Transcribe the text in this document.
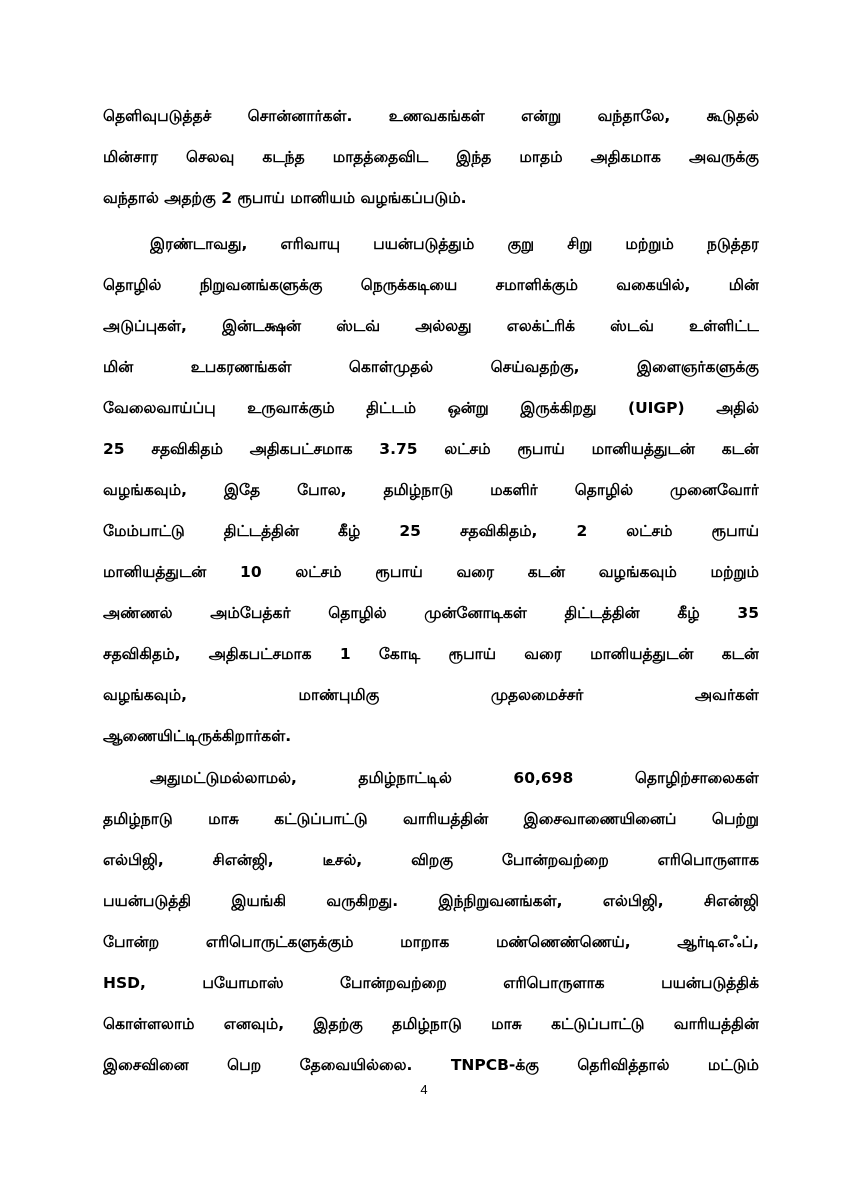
தெளிவுபடுத்தச் சொன்னார்கள். உணவகங்கள் என்று வந்தாலே, கூடுதல்
மின்சார செலவு கடந்த மாதத்தைவிட இந்த மாதம் அதிகமாக அவருக்கு
வந்தால் அதற்கு 2 ரூபாய் மானியம் வழங்கப்படும்.
இரண்டாவது, எரிவாயு பயன்படுத்தும் குறு சிறு மற்றும் நடுத்தர
தொழில் நிறுவனங்களுக்கு நெருக்கடியை சமாளிக்கும் வகையில், மின்
அடுப்புகள், இன்டக்ஷன் ஸ்டவ் அல்லது எலக்ட்ரிக் ஸ்டவ் உள்ளிட்ட
மின் உபகரணங்கள் கொள்முதல் செய்வதற்கு, இளைஞர்களுக்கு
வேலைவாய்ப்பு உருவாக்கும் திட்டம் ஒன்று இருக்கிறது (UIGP) அதில்
25 சதவிகிதம் அதிகபட்சமாக 3.75 லட்சம் ரூபாய் மானியத்துடன் கடன்
வழங்கவும், இதே போல, தமிழ்நாடு மகளிர் தொழில் முனைவோர்
மேம்பாட்டு திட்டத்தின் கீழ் 25 சதவிகிதம், 2 லட்சம் ரூபாய்
மானியத்துடன் 10 லட்சம் ரூபாய் வரை கடன் வழங்கவும் மற்றும்
அண்ணல் அம்பேத்கர் தொழில் முன்னோடிகள் திட்டத்தின் கீழ் 35
சதவிகிதம், அதிகபட்சமாக 1 கோடி ரூபாய் வரை மானியத்துடன் கடன்
வழங்கவும், மாண்புமிகு முதலமைச்சர் அவர்கள்
ஆணையிட்டிருக்கிறார்கள்.
அதுமட்டுமல்லாமல், தமிழ்நாட்டில் 60,698 தொழிற்சாலைகள்
தமிழ்நாடு மாசு கட்டுப்பாட்டு வாரியத்தின் இசைவாணையினைப் பெற்று
எல்பிஜி, சிஎன்ஜி, டீசல், விறகு போன்றவற்றை எரிபொருளாக
பயன்படுத்தி இயங்கி வருகிறது. இந்நிறுவனங்கள், எல்பிஜி, சிஎன்ஜி
போன்ற எரிபொருட்களுக்கும் மாறாக மண்ணெண்ணெய், ஆர்டிஎஃப்,
HSD, பயோமாஸ் போன்றவற்றை எரிபொருளாக பயன்படுத்திக்
கொள்ளலாம் எனவும், இதற்கு தமிழ்நாடு மாசு கட்டுப்பாட்டு வாரியத்தின்
இசைவினை பெற தேவையில்லை. TNPCB-க்கு தெரிவித்தால் மட்டும்
4
